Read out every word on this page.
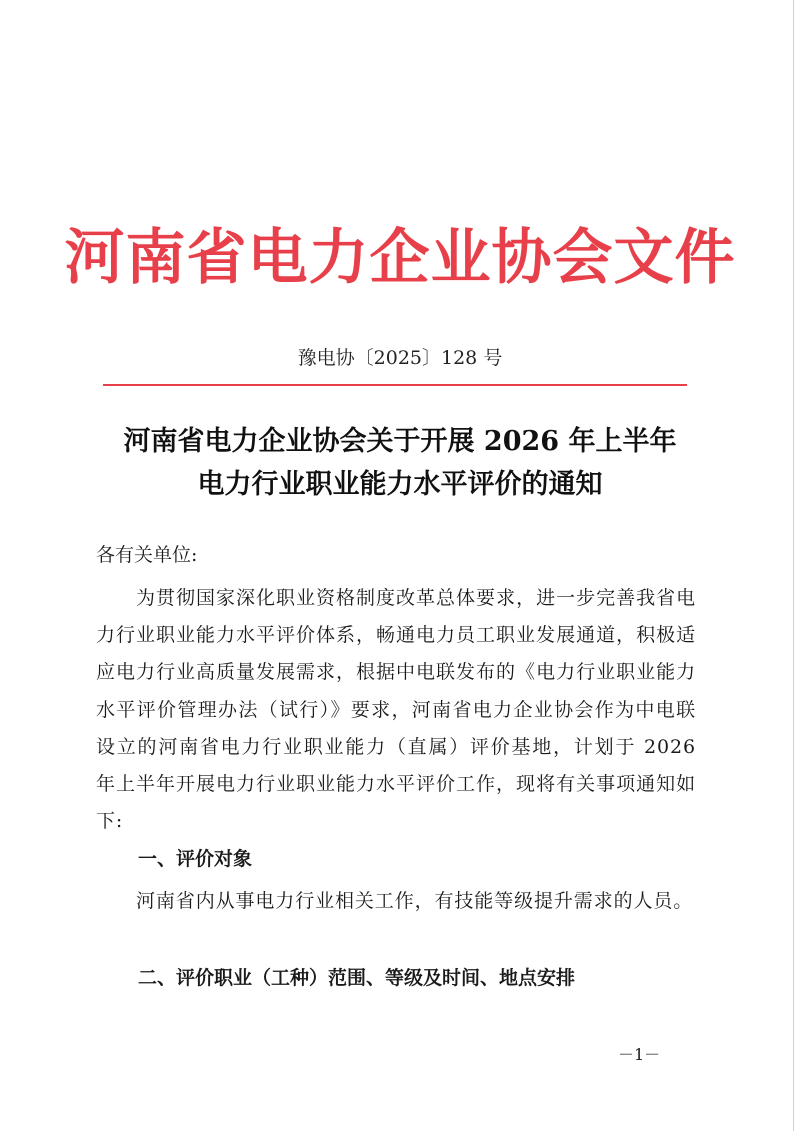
河南省电力企业协会文件
豫电协〔2025〕128 号
河南省电力企业协会关于开展 2026 年上半年
电力行业职业能力水平评价的通知
各有关单位:
为贯彻国家深化职业资格制度改革总体要求，进一步完善我省电力行业职业能力水平评价体系，畅通电力员工职业发展通道，积极适应电力行业高质量发展需求，根据中电联发布的《电力行业职业能力水平评价管理办法（试行）》要求，河南省电力企业协会作为中电联设立的河南省电力行业职业能力（直属）评价基地，计划于 2026 年上半年开展电力行业职业能力水平评价工作，现将有关事项通知如下:
一、评价对象
河南省内从事电力行业相关工作，有技能等级提升需求的人员。
二、评价职业（工种）范围、等级及时间、地点安排
－1－
